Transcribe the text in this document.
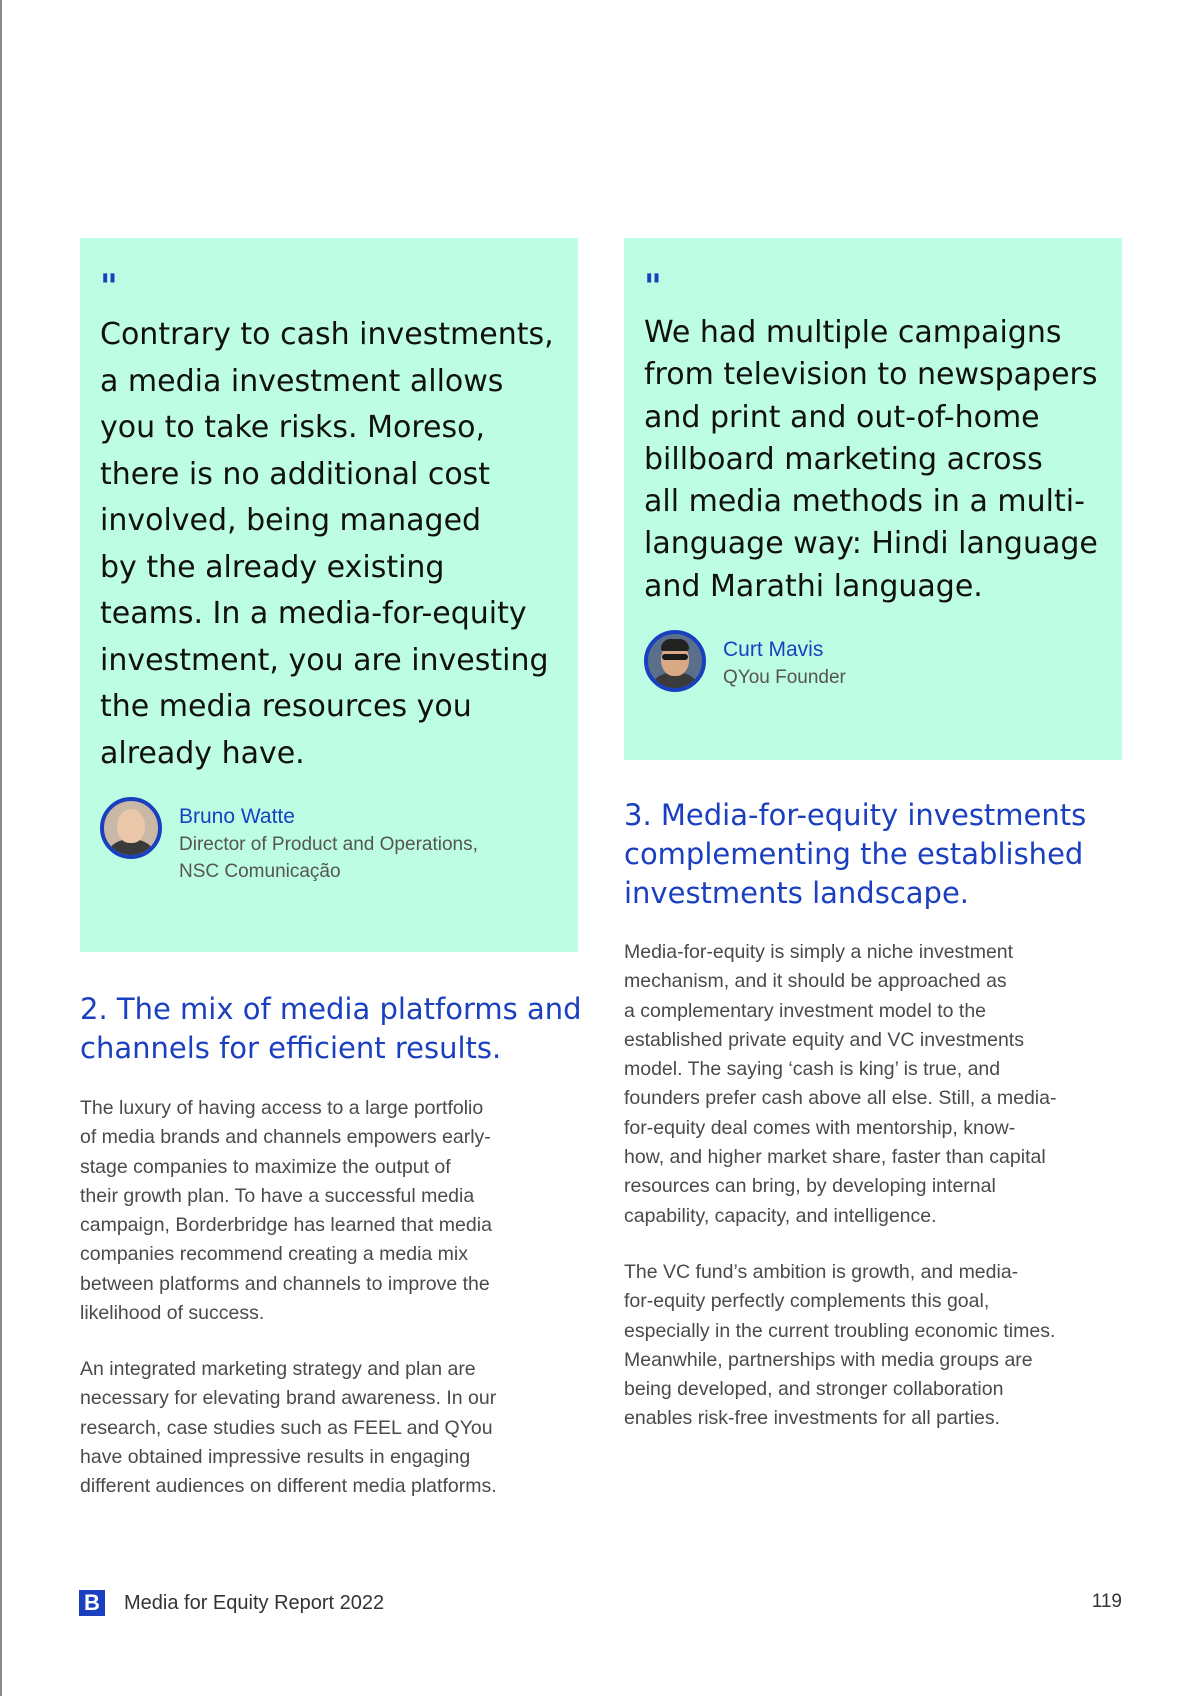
"

Contrary to cash investments,
a media investment allows
you to take risks. Moreso,
there is no additional cost
involved, being managed
by the already existing
teams. In a media-for-equity
investment, you are investing
the media resources you
already have.

Bruno Watte
Director of Product and Operations,
NSC Comunicação
"

We had multiple campaigns
from television to newspapers
and print and out-of-home
billboard marketing across
all media methods in a multi-
language way: Hindi language
and Marathi language.

Curt Mavis
QYou Founder
2. The mix of media platforms and
channels for efficient results.

The luxury of having access to a large portfolio
of media brands and channels empowers early-
stage companies to maximize the output of
their growth plan. To have a successful media
campaign, Borderbridge has learned that media
companies recommend creating a media mix
between platforms and channels to improve the
likelihood of success.

An integrated marketing strategy and plan are
necessary for elevating brand awareness. In our
research, case studies such as FEEL and QYou
have obtained impressive results in engaging
different audiences on different media platforms.

3. Media-for-equity investments
complementing the established
investments landscape.

Media-for-equity is simply a niche investment
mechanism, and it should be approached as
a complementary investment model to the
established private equity and VC investments
model. The saying ‘cash is king’ is true, and
founders prefer cash above all else. Still, a media-
for-equity deal comes with mentorship, know-
how, and higher market share, faster than capital
resources can bring, by developing internal
capability, capacity, and intelligence.

The VC fund’s ambition is growth, and media-
for-equity perfectly complements this goal,
especially in the current troubling economic times.
Meanwhile, partnerships with media groups are
being developed, and stronger collaboration
enables risk-free investments for all parties.

B Media for Equity Report 2022	119
